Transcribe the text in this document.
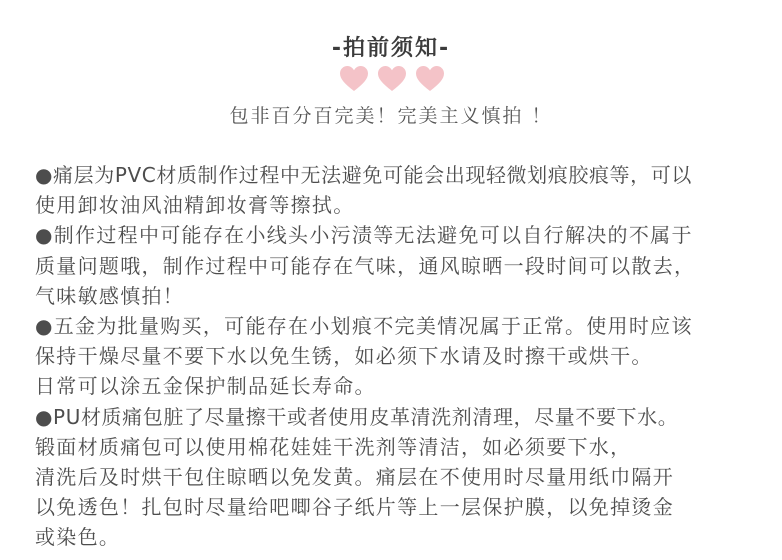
-拍前须知-
包非百分百完美！完美主义慎拍 ！
●痛层为PVC材质制作过程中无法避免可能会出现轻微划痕胶痕等，可以
使用卸妆油风油精卸妆膏等擦拭。
●制作过程中可能存在小线头小污渍等无法避免可以自行解决的不属于
质量问题哦，制作过程中可能存在气味，通风晾晒一段时间可以散去，
气味敏感慎拍！
●五金为批量购买，可能存在小划痕不完美情况属于正常。使用时应该
保持干燥尽量不要下水以免生锈，如必须下水请及时擦干或烘干。
日常可以涂五金保护制品延长寿命。
●PU材质痛包脏了尽量擦干或者使用皮革清洗剂清理，尽量不要下水。
锻面材质痛包可以使用棉花娃娃干洗剂等清洁，如必须要下水，
清洗后及时烘干包住晾晒以免发黄。痛层在不使用时尽量用纸巾隔开
以免透色！扎包时尽量给吧唧谷子纸片等上一层保护膜，以免掉烫金
或染色。
